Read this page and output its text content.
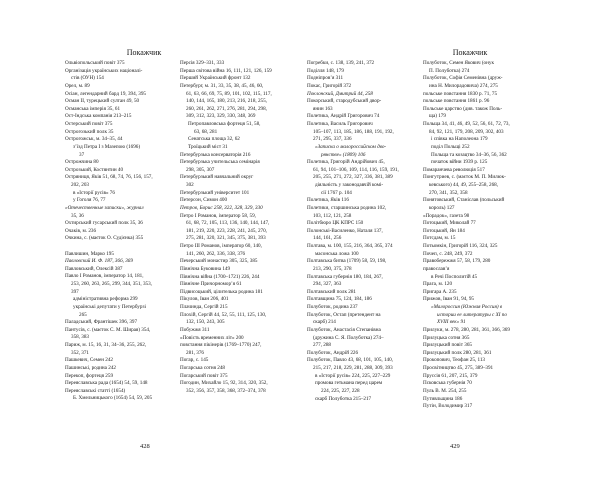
Покажчик
Ольвіопольський повіт 375
Організація українських націоналі-
стів (ОУН) 154
Орел, м. 89
Осіан, легендарний бард 19, 394, 395
Осман II, турецький султан 49, 50
Османська імперія 35, 61
Ост-Індська компанія 213–215
Остерський повіт 375
Острогозький полк 35
Острогожськ, м. 34–35, 44
з’їзд Петра І з Мазепою (1696)
37
Острожчина 80
Острозький, Костянтин 40
Остряниця, Яків 51, 68, 74, 76, 156, 157,
202, 203
в «Історії русів» 76
у Гоголя 76, 77
«Отечественные записки», журнал
35, 36
Охтирський гусарський полк 35, 36
Очаків, м. 236
Очкина, с. (маєток О. Судієнка) 355
Павлишин, Марко 195
Павловский И. Ф. 187, 366, 369
Павловський, Олексій 387
Павло І Романов, імператор 14, 181,
253, 260, 263, 265, 299, 344, 351, 353,
397
адміністративна реформа 299
українські депутати у Петербурзі
265
Паладський, Франтішек 396, 397
Пантусів, с. (маєток С. М. Ширая) 354,
358, 383
Париж, м. 15, 16, 31, 34–36, 255, 262,
352, 371
Пашкевич, Семен 242
Пашинські, родина 242
Перекоп, фортеця 259
Переяславська рада (1654) 54, 59, 148
Переяславські статті (1654)
Б. Хмельницького (1654) 54, 59, 205
Персія 329–331, 333
Перша світова війна 16, 111, 121, 126, 159
Перший Український фронт 132
Петербург, м. 31, 33, 35, 38, 45, 46, 60,
61, 63, 66, 69, 75, 89, 101, 102, 115, 117,
140, 144, 165, 180, 213, 216, 218, 255,
260, 261, 262, 271, 276, 281, 294, 298,
309, 312, 323, 329, 330, 348, 369
Петропавловська фортеця 51, 58,
63, 68, 281
Сенатська площа 32, 62
Троїцький міст 31
Петербурзька консерваторія 216
Петербурзька учительська семінарія
298, 305, 307
Петербурзький навчальний округ
302
Петербурзький університет 101
Петерсон, Симон 400
Петров, Борис 258, 322, 328, 329, 330
Петро I Романов, імператор 58, 59,
61, 68, 72, 105, 113, 136, 140, 144, 147,
181, 219, 220, 223, 228, 241, 245, 270,
275, 281, 320, 321, 345, 375, 381, 393
Петро III Романов, імператор 60, 140,
141, 260, 262, 336, 338, 376
Печерський монастир 305, 325, 385
Північна Буковина 149
Північна війна (1700–1721) 226, 244
Північне Причорномор’я 61
Підвисоцький, цілителька родина 181
Пікулов, Іван 206, 401
Плачинда, Сергій 215
Плохій, Сергій 44, 52, 55, 111, 125, 130,
132, 150, 243, 305
Побужжя 311
«Повість временних літ» 200
повстання пікінерів (1769–1770) 247,
281, 376
Погар, с. 145
Погарська сотня 248
Погарський повіт 375
Погодин, Михайло 15, 92, 314, 320, 352,
352, 356, 357, 358, 368, 372–374, 378
428
Покажчик
Погребки, с. 138, 139, 241, 372
Поділля 148, 179
Подніпров’я 311
Покас, Григорій 372
Поклонский, Дмитрий 44, 258
Покорський, стародубський двор-
янин 163
Полетика, Андрій Григорович 74
Полетика, Василь Григорович
105–107, 113, 185, 186, 188, 191, 192,
271, 295, 337, 336
«Записка о малороссийском дво-
рянстве» (1809) 106
Полетика, Григорій Андрійович 45,
61, 94, 101–106, 109, 114, 116, 159, 191,
205, 255, 271, 272, 327, 336, 381, 389
діяльність у законодавчій комі-
сії 1767 р. 104
Полетика, Яків 116
Полетики, старшинська родина 102,
103, 112, 121, 258
Політбюро ЦК КПРС 150
Полонські-Василенко, Наталя 137,
144, 161, 256
Полтава, м. 100, 155, 216, 364, 365, 374
масонська ложа 100
Полтавська битва (1709) 58, 59, 198,
213, 290, 375, 378
Полтавська губернія 180, 184, 267,
294, 327, 363
Полтавський полк 281
Полтавщина 75, 124, 184, 186
Полуботок, родина 237
Полуботок, Остап (претендент на
скарб) 214
Полуботок, Анастасія Степанівна
(дружина С. Я. Полуботка) 274–
277, 288
Полуботок, Андрій 226
Полуботок, Павло 43, 68, 101, 105, 140,
215, 217, 218, 229, 281, 288, 309, 393
в «Історії русів» 224, 225, 227–229
промова гетьмана перед царем
224, 225, 227, 228
скарб Полуботка 215–217
Полуботок, Семен Якович (онук
П. Полуботка) 274
Полуботок, Софія Семенівна (друж-
ина Н. Милорадовича) 274, 275
польське повстання 1830 р. 71, 75
польське повстання 1861 р. 96
Польське царство (див. також Поль-
ща) 179
Польща 34, 41, 46, 49, 52, 56, 61, 72, 73,
84, 92, 121, 179, 208, 209, 302, 403
і співка на Наполеона 179
поділ Польщі 252
Польща та козацтво 34–36, 56, 362
початок війни 1939 р. 125
Помаранчева революція 517
Понгутриев, с. (маєток М. П. Милюк-
кевського) 44, 49, 255–258, 268,
270, 341, 352, 358
Понятовський, Станіслав (польський
король) 127
«Порадок», газета 98
Потоцький, Миколай 77
Потоцький, Ян 184
Потсдам, м. 15
Потьомкін, Григорій 116, 324, 325
Почеп, с. 248, 249, 372
Правобережжя 57, 58, 179, 280
православ’я
в Речі Посполитій 45
Прага, м. 120
Пригара А. 235
Прижов, Іван 91, 94, 95
«Малороссия (Южная Россия) в
истории ее литературы с ХІ по
XVIII век» 91
Прилуки, м. 278, 280, 281, 361, 366, 369
Прилуцька сотня 365
Прилуцький повіт 365
Прилуцький полк 280, 281, 361
Прокопович, Теофан 25, 113
Просвітництво 45, 275, 389–391
Пруссія 61, 207, 215, 379
Псковська губернія 70
Пуль В. М. 254, 255
Путивльщина 186
Путін, Володимир 317
429
